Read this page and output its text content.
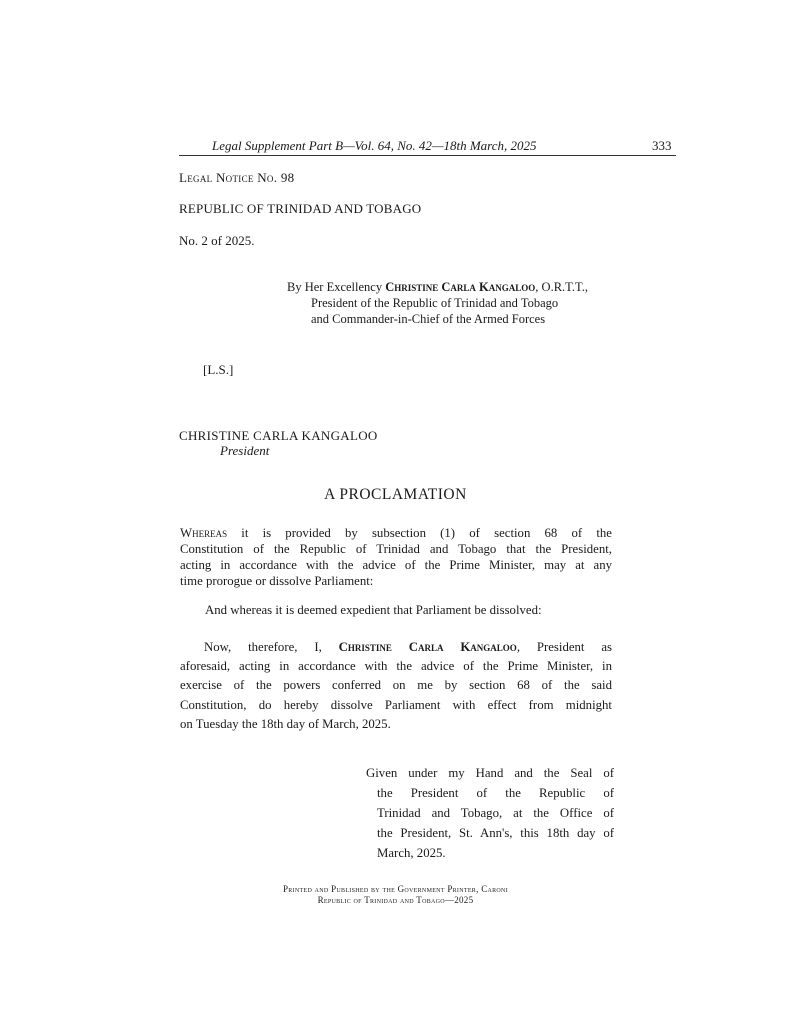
Legal Supplement Part B—Vol. 64, No. 42—18th March, 2025	333
Legal Notice No. 98
REPUBLIC OF TRINIDAD AND TOBAGO
No. 2 of 2025.
By Her Excellency Christine Carla Kangaloo, O.R.T.T.,
President of the Republic of Trinidad and Tobago
and Commander-in-Chief of the Armed Forces
[L.S.]
CHRISTINE CARLA KANGALOO
President
A PROCLAMATION
Whereas it is provided by subsection (1) of section 68 of the
Constitution of the Republic of Trinidad and Tobago that the President,
acting in accordance with the advice of the Prime Minister, may at any
time prorogue or dissolve Parliament:
And whereas it is deemed expedient that Parliament be dissolved:
Now, therefore, I, Christine Carla Kangaloo, President as
aforesaid, acting in accordance with the advice of the Prime Minister, in
exercise of the powers conferred on me by section 68 of the said
Constitution, do hereby dissolve Parliament with effect from midnight
on Tuesday the 18th day of March, 2025.
Given under my Hand and the Seal of
the President of the Republic of
Trinidad and Tobago, at the Office of
the President, St. Ann's, this 18th day of
March, 2025.
Printed and Published by the Government Printer, Caroni
Republic of Trinidad and Tobago—2025
